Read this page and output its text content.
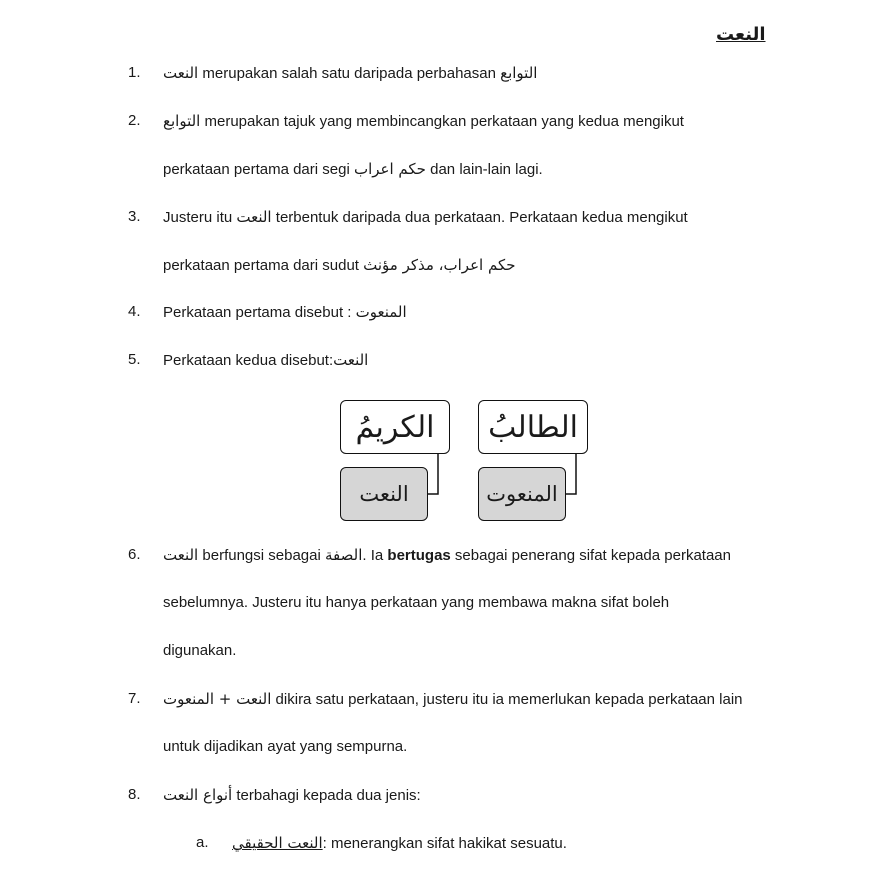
النعت
1.	النعت merupakan salah satu daripada perbahasan التوابع
2.	التوابع merupakan tajuk yang membincangkan perkataan yang kedua mengikut
perkataan pertama dari segi حكم اعراب dan lain-lain lagi.
3.	Justeru itu النعت terbentuk daripada dua perkataan. Perkataan kedua mengikut
perkataan pertama dari sudut حكم اعراب، مذكر مؤنث
4.	Perkataan pertama disebut : المنعوت
5.	Perkataan kedua disebut:النعت
6.	النعت berfungsi sebagai الصفة. Ia bertugas sebagai penerang sifat kepada perkataan
sebelumnya. Justeru itu hanya perkataan yang membawa makna sifat boleh
digunakan.
7.	النعت + المنعوت dikira satu perkataan, justeru itu ia memerlukan kepada perkataan lain
untuk dijadikan ayat yang sempurna.
8.	أنواع النعت terbahagi kepada dua jenis:
الكريمُ	الطالبُ
النعت	المنعوت
a. النعت الحقيقي: menerangkan sifat hakikat sesuatu.
